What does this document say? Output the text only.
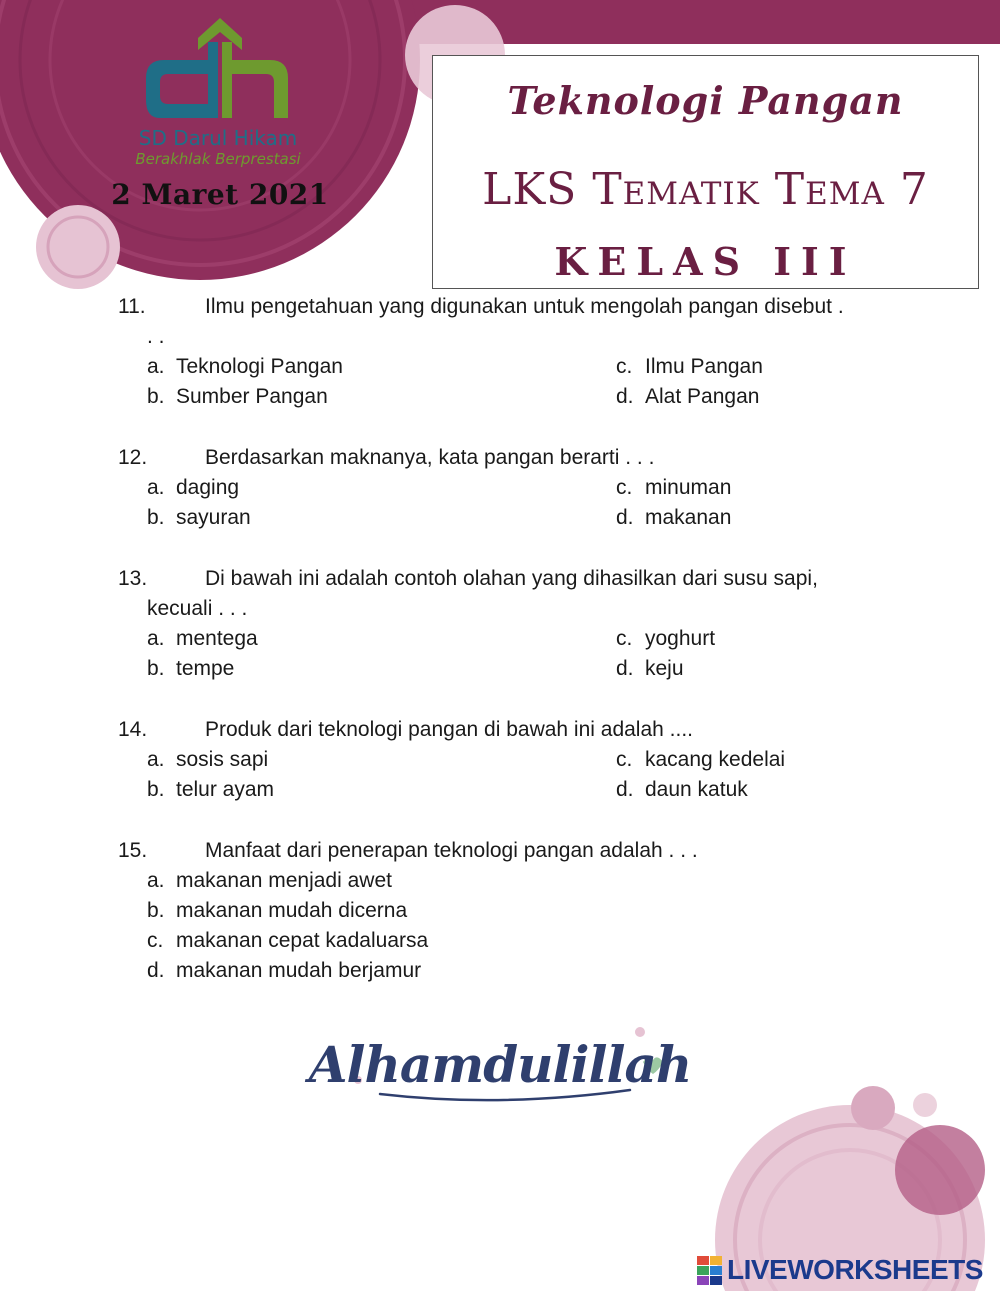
SD Darul Hikam
Berakhlak Berprestasi
2 Maret 2021
Teknologi Pangan
LKS Tematik Tema 7
KELAS III
11.	Ilmu pengetahuan yang digunakan untuk mengolah pangan disebut .
. .
a. Teknologi Pangan
b. Sumber Pangan
c. Ilmu Pangan
d. Alat Pangan
12.	Berdasarkan maknanya, kata pangan berarti . . .
a. daging
b. sayuran
c. minuman
d. makanan
13.	Di bawah ini adalah contoh olahan yang dihasilkan dari susu sapi,
kecuali . . .
a. mentega
b. tempe
c. yoghurt
d. keju
14.	Produk dari teknologi pangan di bawah ini adalah ....
a. sosis sapi
b. telur ayam
c. kacang kedelai
d. daun katuk
15.	Manfaat dari penerapan teknologi pangan adalah . . .
a. makanan menjadi awet
b. makanan mudah dicerna
c. makanan cepat kadaluarsa
d. makanan mudah berjamur
Alhamdulillah
LIVEWORKSHEETS
